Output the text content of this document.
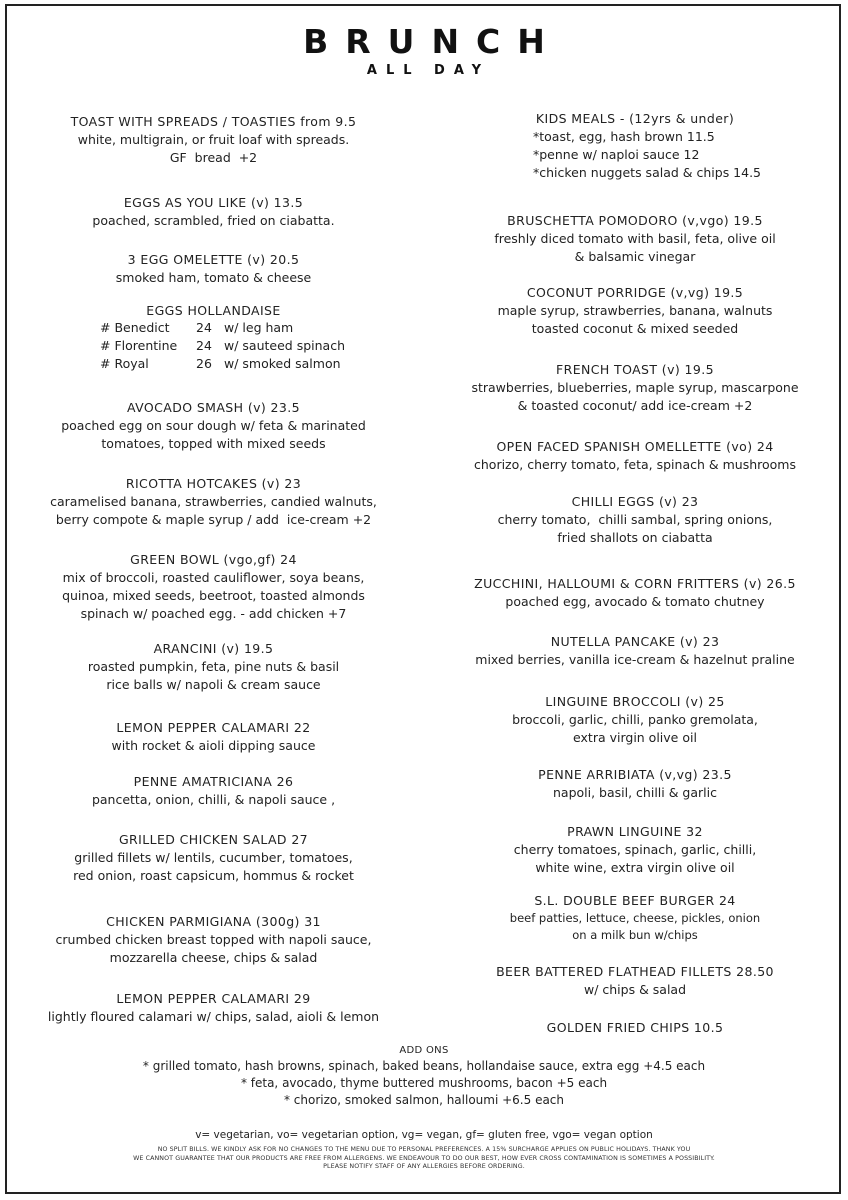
BRUNCH
ALL DAY
TOAST WITH SPREADS / TOASTIES from 9.5
white, multigrain, or fruit loaf with spreads.
GF  bread  +2
EGGS AS YOU LIKE (v) 13.5
poached, scrambled, fried on ciabatta.
3 EGG OMELETTE (v) 20.5
smoked ham, tomato & cheese
EGGS HOLLANDAISE
# Benedict 24 w/ leg ham
# Florentine 24 w/ sauteed spinach
# Royal	26 w/ smoked salmon
AVOCADO SMASH (v) 23.5
poached egg on sour dough w/ feta & marinated
tomatoes, topped with mixed seeds
RICOTTA HOTCAKES (v) 23
caramelised banana, strawberries, candied walnuts,
berry compote & maple syrup / add  ice-cream +2
GREEN BOWL (vgo,gf) 24
mix of broccoli, roasted cauliflower, soya beans,
quinoa, mixed seeds, beetroot, toasted almonds
spinach w/ poached egg. - add chicken +7
ARANCINI (v) 19.5
roasted pumpkin, feta, pine nuts & basil
rice balls w/ napoli & cream sauce
LEMON PEPPER CALAMARI 22
with rocket & aioli dipping sauce
PENNE AMATRICIANA 26
pancetta, onion, chilli, & napoli sauce ,
GRILLED CHICKEN SALAD 27
grilled fillets w/ lentils, cucumber, tomatoes,
red onion, roast capsicum, hommus & rocket
CHICKEN PARMIGIANA (300g) 31
crumbed chicken breast topped with napoli sauce,
mozzarella cheese, chips & salad
LEMON PEPPER CALAMARI 29
lightly floured calamari w/ chips, salad, aioli & lemon
KIDS MEALS - (12yrs & under)
*toast, egg, hash brown 11.5
*penne w/ naploi sauce 12
*chicken nuggets salad & chips 14.5
BRUSCHETTA POMODORO (v,vgo) 19.5
freshly diced tomato with basil, feta, olive oil
& balsamic vinegar
COCONUT PORRIDGE (v,vg) 19.5
maple syrup, strawberries, banana, walnuts
toasted coconut & mixed seeded
FRENCH TOAST (v) 19.5
strawberries, blueberries, maple syrup, mascarpone
& toasted coconut/ add ice-cream +2
OPEN FACED SPANISH OMELLETTE (vo) 24
chorizo, cherry tomato, feta, spinach & mushrooms
CHILLI EGGS (v) 23
cherry tomato,  chilli sambal, spring onions,
fried shallots on ciabatta
ZUCCHINI, HALLOUMI & CORN FRITTERS (v) 26.5
poached egg, avocado & tomato chutney
NUTELLA PANCAKE (v) 23
mixed berries, vanilla ice-cream & hazelnut praline
LINGUINE BROCCOLI (v) 25
broccoli, garlic, chilli, panko gremolata,
extra virgin olive oil
PENNE ARRIBIATA (v,vg) 23.5
napoli, basil, chilli & garlic
PRAWN LINGUINE 32
cherry tomatoes, spinach, garlic, chilli,
white wine, extra virgin olive oil
S.L. DOUBLE BEEF BURGER 24
beef patties, lettuce, cheese, pickles, onion
on a milk bun w/chips
BEER BATTERED FLATHEAD FILLETS 28.50
w/ chips & salad
GOLDEN FRIED CHIPS 10.5
ADD ONS
* grilled tomato, hash browns, spinach, baked beans, hollandaise sauce, extra egg +4.5 each
* feta, avocado, thyme buttered mushrooms, bacon +5 each
* chorizo, smoked salmon, halloumi +6.5 each
v= vegetarian, vo= vegetarian option, vg= vegan, gf= gluten free, vgo= vegan option
NO SPLIT BILLS. WE KINDLY ASK FOR NO CHANGES TO THE MENU DUE TO PERSONAL PREFERENCES. A 15% SURCHARGE APPLIES ON PUBLIC HOLIDAYS. THANK YOU
WE CANNOT GUARANTEE THAT OUR PRODUCTS ARE FREE FROM ALLERGENS. WE ENDEAVOUR TO DO OUR BEST, HOW EVER CROSS CONTAMINATION IS SOMETIMES A POSSIBILITY.
PLEASE NOTIFY STAFF OF ANY ALLERGIES BEFORE ORDERING.
